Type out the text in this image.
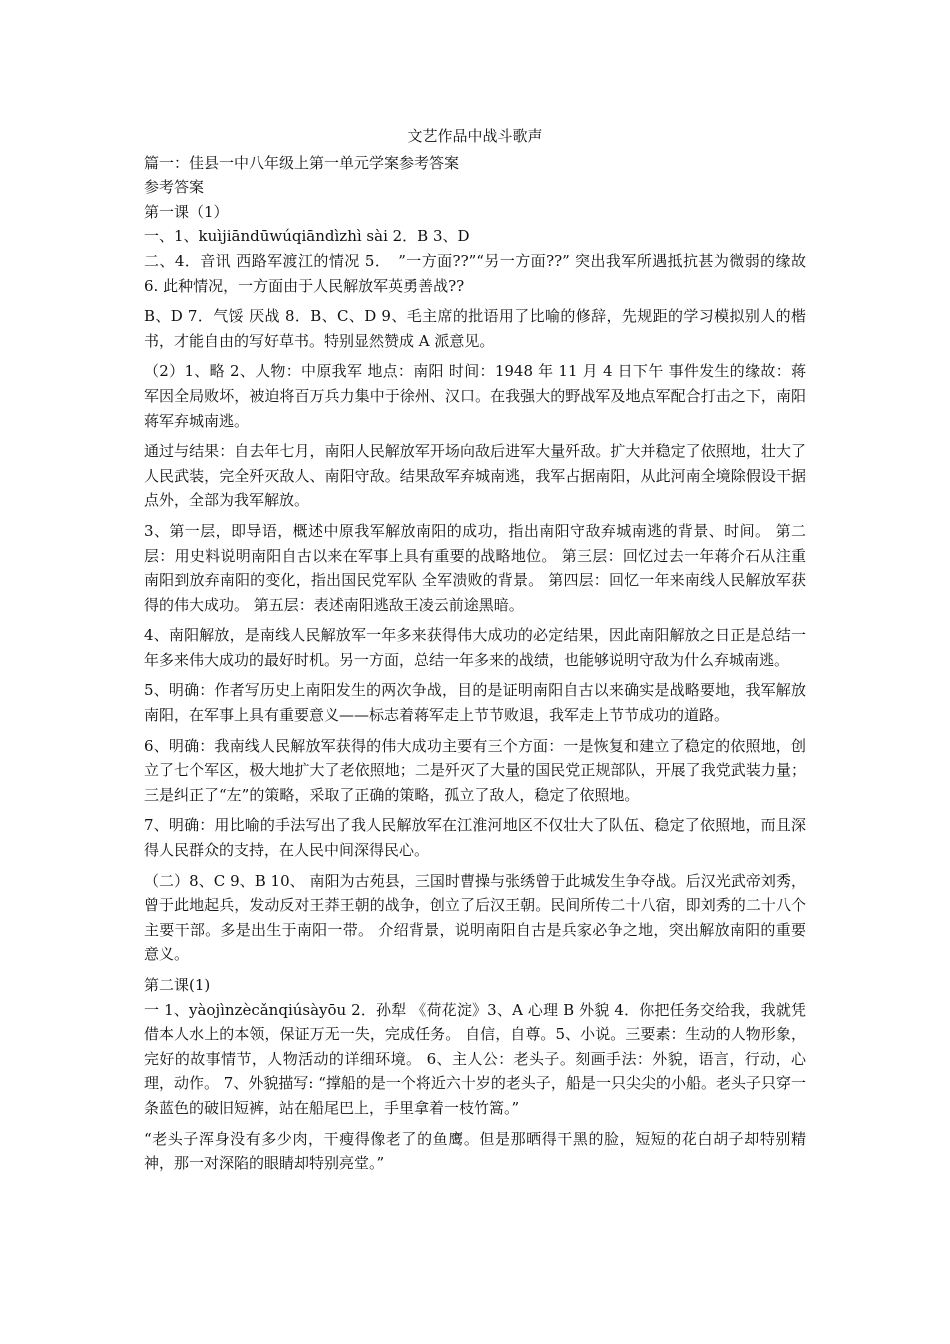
文艺作品中战斗歌声
篇一：佳县一中八年级上第一单元学案参考答案
参考答案
第一课（1）
一、1、kuìjiāndūwúqiāndìzhì sài 2．B 3、D
二、4．音讯 西路军渡江的情况 5．　”一方面??”“另一方面??” 突出我军所遇抵抗甚为微弱的缘故 6. 此种情况，一方面由于人民解放军英勇善战??
B、D 7．气馁 厌战 8．B、C、D 9、毛主席的批语用了比喻的修辞，先规距的学习模拟别人的楷书，才能自由的写好草书。特别显然赞成 A 派意见。
（2）1、略 2、人物：中原我军 地点：南阳 时间：1948 年 11 月 4 日下午 事件发生的缘故：蒋军因全局败坏，被迫将百万兵力集中于徐州、汉口。在我强大的野战军及地点军配合打击之下，南阳蒋军弃城南逃。
通过与结果：自去年七月，南阳人民解放军开场向敌后进军大量歼敌。扩大并稳定了依照地，壮大了人民武装，完全歼灭敌人、南阳守敌。结果敌军弃城南逃，我军占据南阳，从此河南全境除假设干据点外，全部为我军解放。
3、第一层，即导语，概述中原我军解放南阳的成功，指出南阳守敌弃城南逃的背景、时间。 第二层：用史料说明南阳自古以来在军事上具有重要的战略地位。 第三层：回忆过去一年蒋介石从注重南阳到放弃南阳的变化，指出国民党军队 全军溃败的背景。 第四层：回忆一年来南线人民解放军获得的伟大成功。 第五层：表述南阳逃敌王凌云前途黑暗。
4、南阳解放，是南线人民解放军一年多来获得伟大成功的必定结果，因此南阳解放之日正是总结一年多来伟大成功的最好时机。另一方面，总结一年多来的战绩，也能够说明守敌为什么弃城南逃。
5、明确：作者写历史上南阳发生的两次争战，目的是证明南阳自古以来确实是战略要地，我军解放南阳，在军事上具有重要意义——标志着蒋军走上节节败退，我军走上节节成功的道路。
6、明确：我南线人民解放军获得的伟大成功主要有三个方面：一是恢复和建立了稳定的依照地，创立了七个军区，极大地扩大了老依照地；二是歼灭了大量的国民党正规部队，开展了我党武装力量；三是纠正了“左”的策略，采取了正确的策略，孤立了敌人，稳定了依照地。
7、明确：用比喻的手法写出了我人民解放军在江淮河地区不仅壮大了队伍、稳定了依照地，而且深得人民群众的支持，在人民中间深得民心。
（二）8、C 9、B 10、 南阳为古苑县，三国时曹操与张绣曾于此城发生争夺战。后汉光武帝刘秀，曾于此地起兵，发动反对王莽王朝的战争，创立了后汉王朝。民间所传二十八宿，即刘秀的二十八个主要干部。多是出生于南阳一带。 介绍背景，说明南阳自古是兵家必争之地，突出解放南阳的重要意义。
第二课(1)
一 1、yàojìnzècǎnqiúsàyōu 2．孙犁 《荷花淀》3、A 心理 B 外貌 4．你把任务交给我，我就凭借本人水上的本领，保证万无一失，完成任务。 自信，自尊。5、小说。三要素：生动的人物形象，完好的故事情节，人物活动的详细环境。 6、主人公：老头子。刻画手法：外貌，语言，行动，心理，动作。 7、外貌描写: “撑船的是一个将近六十岁的老头子，船是一只尖尖的小船。老头子只穿一条蓝色的破旧短裤，站在船尾巴上，手里拿着一枝竹篙。”
“老头子浑身没有多少肉，干瘦得像老了的鱼鹰。但是那晒得干黑的脸，短短的花白胡子却特别精神，那一对深陷的眼睛却特别亮堂。”
